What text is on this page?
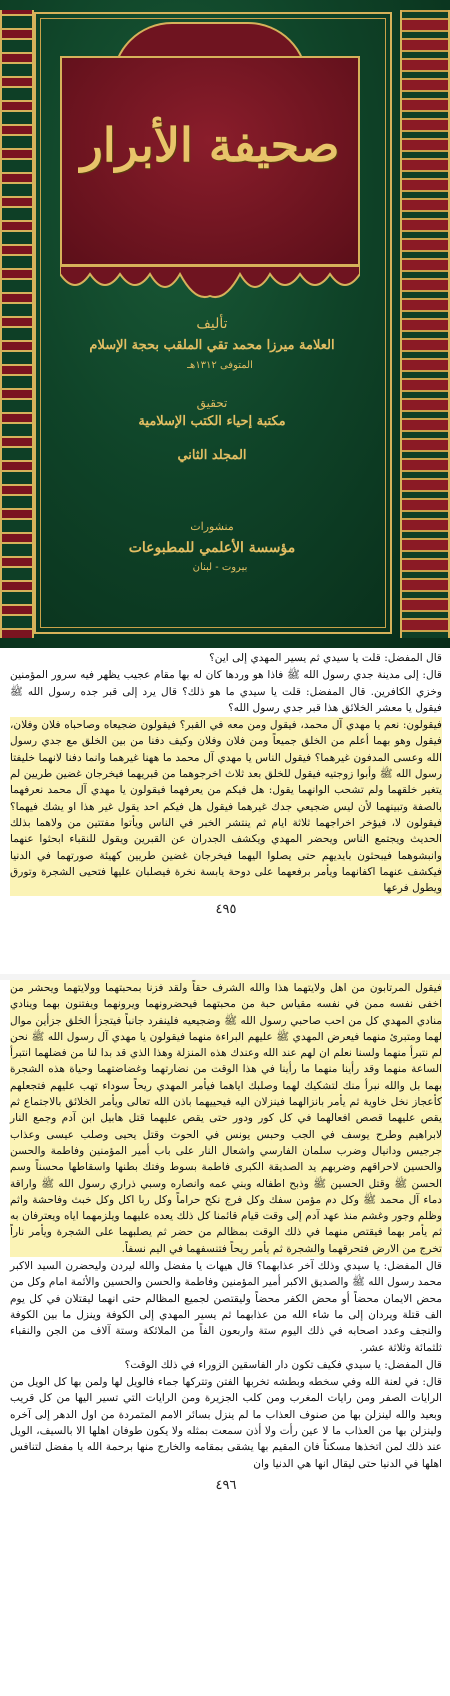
صحيفة الأبرار
تأليف
العلامة ميرزا محمد تقي الملقب بحجة الإسلام
المتوفى ١٣١٢هـ
تحقيق
مكتبة إحياء الكتب الإسلامية
المجلد الثاني
منشورات
مؤسسة الأعلمي للمطبوعات
بيروت - لبنان

قال المفضل: قلت يا سيدي ثم يسير المهدي إلى اين؟

قال: إلى مدينة جدي رسول الله ﷺ فاذا هو وردها كان له بها مقام عجيب يظهر فيه سرور المؤمنين وخزي الكافرين. قال المفضل: قلت يا سيدي ما هو ذلك؟ قال يرد إلى قبر جده رسول الله ﷺ فيقول يا معشر الخلائق هذا قبر جدي رسول الله؟

فيقولون: نعم يا مهدي آل محمد، فيقول ومن معه في القبر؟ فيقولون ضجيعاه وصاحباه فلان وفلان، فيقول وهو بهما أعلم من الخلق جميعاً ومن فلان وفلان وكيف دفنا من بين الخلق مع جدي رسول الله وعسى المدفون غيرهما؟ فيقول الناس يا مهدي آل محمد ما ههنا غيرهما وانما دفنا لانهما خليفتا رسول الله ﷺ وأبوا زوجتيه فيقول للخلق بعد ثلاث اخرجوهما من قبريهما فيخرجان غضين طريين لم يتغير خلقهما ولم تشحب الوانهما يقول: هل فيكم من يعرفهما فيقولون يا مهدي آل محمد نعرفهما بالصفة وتبينهما لأن ليس ضجيعي جدك غيرهما فيقول هل فيكم احد يقول غير هذا او يشك فيهما؟ فيقولون لا، فيؤخر اخراجهما ثلاثة ايام ثم ينتشر الخبر في الناس ويأتوا مفتتين من ولاهما بذلك الحديث ويجتمع الناس ويحضر المهدي ويكشف الجدران عن القبرين ويقول للنقباء ابحثوا عنهما وانبشوهما فيبحثون بايديهم حتى يصلوا اليهما فيخرجان غضين طريين كهيئة صورتهما في الدنيا فيكشف عنهما اكفانهما ويأمر برفعهما على دوحة يابسة نخرة فيصلبان عليها فتحيى الشجرة وتورق ويطول فرعها

٤٩٥

فيقول المرتابون من اهل ولايتهما هذا والله الشرف حقاً ولقد فزنا بمحبتهما وولايتهما ويحشر من اخفى نفسه ممن في نفسه مقياس حبة من محبتهما فيحضرونهما ويرونهما ويفتنون بهما وينادي منادي المهدي كل من احب صاحبي رسول الله ﷺ وضجيعيه فلينفرد جانباً فيتجزأ الخلق جزأين موال لهما ومتبرئ منهما فيعرض المهدي ﷺ عليهم البراءة منهما فيقولون يا مهدي آل رسول الله ﷺ نحن لم نتبرأ منهما ولسنا نعلم ان لهم عند الله وعندك هذه المنزلة وهذا الذي قد بدا لنا من فضلهما انتبرأ الساعة منهما وقد رأينا منهما ما رأينا في هذا الوقت من نضارتهما وغضاضتهما وحياة هذه الشجرة بهما بل والله نبرأ منك لتشكيك لهما وصلبك اياهما فيأمر المهدي ريحاً سوداء تهب عليهم فتجعلهم كأعجاز نخل خاوية ثم يأمر بانزالهما فينزلان اليه فيحييهما باذن الله تعالى ويأمر الخلائق بالاجتماع ثم يقص عليهما قصص افعالهما في كل كور ودور حتى يقص عليهما قتل هابيل ابن آدم وجمع النار لابراهيم وطرح يوسف في الجب وحبس يونس في الحوت وقتل يحيى وصلب عيسى وعذاب جرجيس ودانيال وضرب سلمان الفارسي واشعال النار على باب أمير المؤمنين وفاطمة والحسن والحسين لاحراقهم وضربهم يد الصديقة الكبرى فاطمة بسوط وفتك بطنها واسقاطها محسناً وسم الحسن ﷺ وقتل الحسين ﷺ وذبح اطفاله وبني عمه وانصاره وسبي ذراري رسول الله ﷺ واراقة دماء آل محمد ﷺ وكل دم مؤمن سفك وكل فرج نكح حراماً وكل ربا اكل وكل خبث وفاحشة واثم وظلم وجور وغشم منذ عهد آدم إلى وقت قيام قائمنا كل ذلك يعده عليهما ويلزمهما اياه ويعترفان به ثم يأمر بهما فيقتص منهما في ذلك الوقت بمظالم من حضر ثم يصلبهما على الشجرة ويأمر ناراً تخرج من الارض فتحرقهما والشجرة ثم يأمر ريحاً فتنسفهما في اليم نسفاً.

قال المفضل: يا سيدي وذلك آخر عذابهما؟ قال هيهات يا مفضل والله ليردن وليحضرن السيد الاكبر محمد رسول الله ﷺ والصديق الاكبر أمير المؤمنين وفاطمة والحسن والحسين والأئمة امام وكل من محض الايمان محضاً أو محض الكفر محضاً وليقتصن لجميع المظالم حتى انهما ليقتلان في كل يوم الف قتلة ويردان إلى ما شاء الله من عذابهما ثم يسير المهدي إلى الكوفة وينزل ما بين الكوفة والنجف وعدد اصحابه في ذلك اليوم ستة واربعون الفاً من الملائكة وستة آلاف من الجن والنقباء ثلثمائة وثلاثة عشر.

قال المفضل: يا سيدي فكيف تكون دار الفاسقين الزوراء في ذلك الوقت؟

قال: في لعنة الله وفي سخطه وبطشه تخربها الفتن وتتركها جماء فالويل لها ولمن بها كل الويل من الرايات الصفر ومن رايات المغرب ومن كلب الجزيرة ومن الرايات التي تسير اليها من كل قريب وبعيد والله لينزلن بها من صنوف العذاب ما لم ينزل بسائر الامم المتمردة من اول الدهر إلى آخره ولينزلن بها من العذاب ما لا عين رأت ولا أذن سمعت بمثله ولا يكون طوفان اهلها الا بالسيف، الويل عند ذلك لمن اتخذها مسكناً فان المقيم بها يشقى بمقامه والخارج منها برحمة الله يا مفضل لتنافس اهلها في الدنيا حتى ليقال انها هي الدنيا وان

٤٩٦
